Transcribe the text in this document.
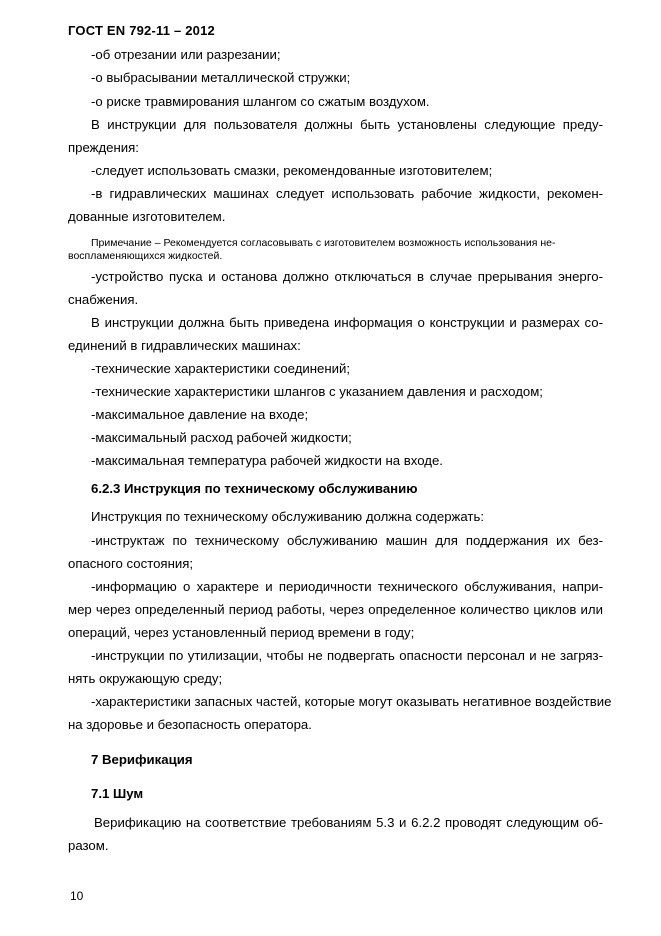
ГОСТ EN 792-11 – 2012
-об отрезании или разрезании;
-о выбрасывании металлической стружки;
-о риске травмирования шлангом со сжатым воздухом.
В инструкции для пользователя должны быть установлены следующие преду-
преждения:
-следует использовать смазки, рекомендованные изготовителем;
-в гидравлических машинах следует использовать рабочие жидкости, рекомен-
дованные изготовителем.
Примечание – Рекомендуется согласовывать с изготовителем возможность использования не-
воспламеняющихся жидкостей.
-устройство пуска и останова должно отключаться в случае прерывания энерго-
снабжения.
В инструкции должна быть приведена информация о конструкции и размерах со-
единений в гидравлических машинах:
-технические характеристики соединений;
-технические характеристики шлангов с указанием давления и расходом;
-максимальное давление на входе;
-максимальный расход рабочей жидкости;
-максимальная температура рабочей жидкости на входе.
6.2.3 Инструкция по техническому обслуживанию
Инструкция по техническому обслуживанию должна содержать:
-инструктаж по техническому обслуживанию машин для поддержания их без-
опасного состояния;
-информацию о характере и периодичности технического обслуживания, напри-
мер через определенный период работы, через определенное количество циклов или
операций, через установленный период времени в году;
-инструкции по утилизации, чтобы не подвергать опасности персонал и не загряз-
нять окружающую среду;
-характеристики запасных частей, которые могут оказывать негативное воздействие
на здоровье и безопасность оператора.
7 Верификация
7.1 Шум
Верификацию на соответствие требованиям 5.3 и 6.2.2 проводят следующим об-
разом.
10
